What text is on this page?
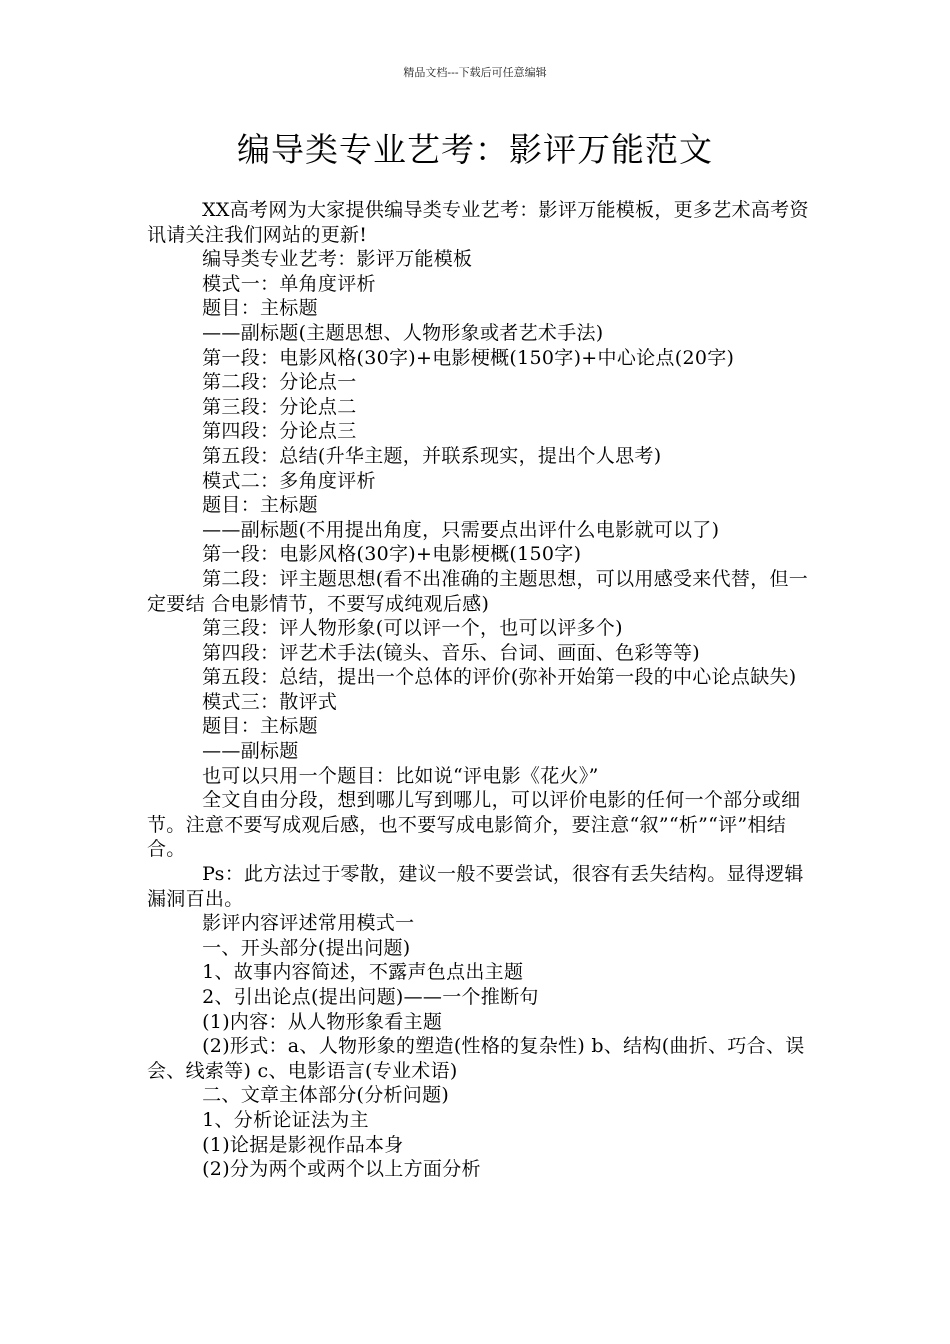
精品文档---下载后可任意编辑
编导类专业艺考：影评万能范文

XX高考网为大家提供编导类专业艺考：影评万能模板，更多艺术高考资讯请关注我们网站的更新!

编导类专业艺考：影评万能模板

模式一：单角度评析

题目：主标题

——副标题(主题思想、人物形象或者艺术手法)

第一段：电影风格(30字)+电影梗概(150字)+中心论点(20字)

第二段：分论点一

第三段：分论点二

第四段：分论点三

第五段：总结(升华主题，并联系现实，提出个人思考)

模式二：多角度评析

题目：主标题

——副标题(不用提出角度，只需要点出评什么电影就可以了)

第一段：电影风格(30字)+电影梗概(150字)

第二段：评主题思想(看不出准确的主题思想，可以用感受来代替，但一定要结 合电影情节，不要写成纯观后感)

第三段：评人物形象(可以评一个，也可以评多个)

第四段：评艺术手法(镜头、音乐、台词、画面、色彩等等)

第五段：总结，提出一个总体的评价(弥补开始第一段的中心论点缺失)

模式三：散评式

题目：主标题

——副标题

也可以只用一个题目：比如说“评电影《花火》”

全文自由分段，想到哪儿写到哪儿，可以评价电影的任何一个部分或细节。注意不要写成观后感，也不要写成电影简介，要注意“叙”“析”“评”相结合。

Ps：此方法过于零散，建议一般不要尝试，很容有丢失结构。显得逻辑漏洞百出。

影评内容评述常用模式一

一、开头部分(提出问题)

1、故事内容简述，不露声色点出主题

2、引出论点(提出问题)——一个推断句

(1)内容：从人物形象看主题

(2)形式：a、人物形象的塑造(性格的复杂性) b、结构(曲折、巧合、误会、线索等) c、电影语言(专业术语)

二、文章主体部分(分析问题)

1、分析论证法为主

(1)论据是影视作品本身

(2)分为两个或两个以上方面分析
